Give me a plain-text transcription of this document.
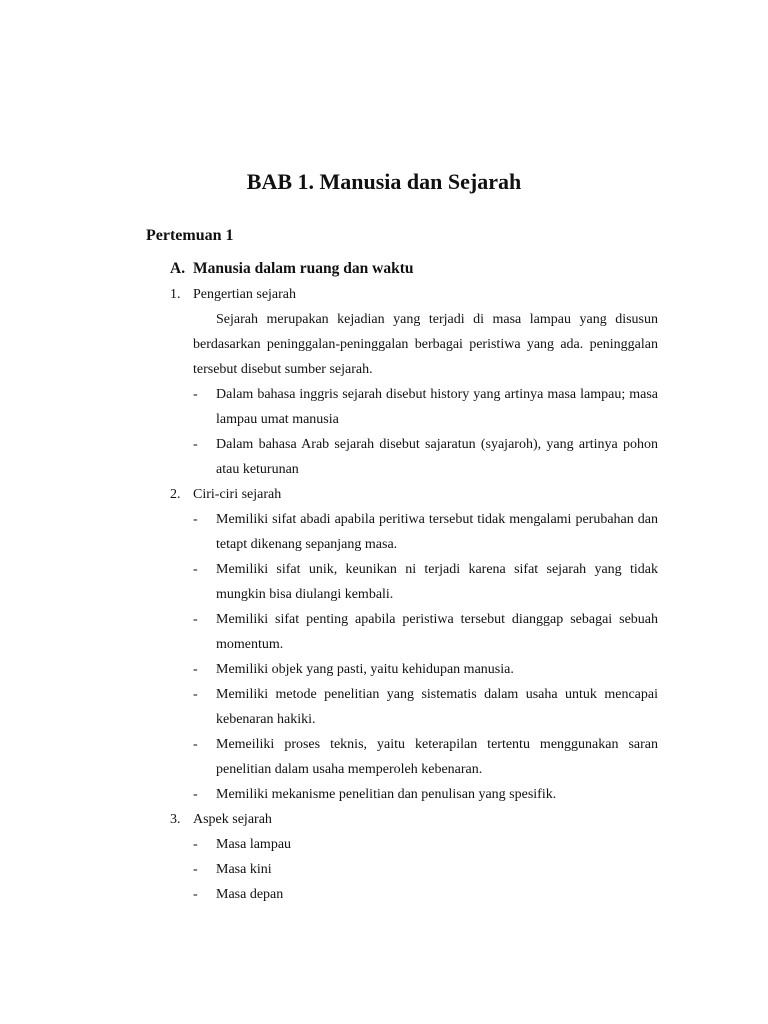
BAB 1. Manusia dan Sejarah
Pertemuan 1
A. Manusia dalam ruang dan waktu
1. Pengertian sejarah
Sejarah merupakan kejadian yang terjadi di masa lampau yang disusun berdasarkan peninggalan-peninggalan berbagai peristiwa yang ada. peninggalan tersebut disebut sumber sejarah.
-	Dalam bahasa inggris sejarah disebut history yang artinya masa lampau; masa lampau umat manusia
-	Dalam bahasa Arab sejarah disebut sajaratun (syajaroh), yang artinya pohon atau keturunan
2. Ciri-ciri sejarah
-	Memiliki sifat abadi apabila peritiwa tersebut tidak mengalami perubahan dan tetapt dikenang sepanjang masa.
-	Memiliki sifat unik, keunikan ni terjadi karena sifat sejarah yang tidak mungkin bisa diulangi kembali.
-	Memiliki sifat penting apabila peristiwa tersebut dianggap sebagai sebuah momentum.
-	Memiliki objek yang pasti, yaitu kehidupan manusia.
-	Memiliki metode penelitian yang sistematis dalam usaha untuk mencapai kebenaran hakiki.
-	Memeiliki proses teknis, yaitu keterapilan tertentu menggunakan saran penelitian dalam usaha memperoleh kebenaran.
-	Memiliki mekanisme penelitian dan penulisan yang spesifik.
3. Aspek sejarah
-	Masa lampau
-	Masa kini
-	Masa depan
